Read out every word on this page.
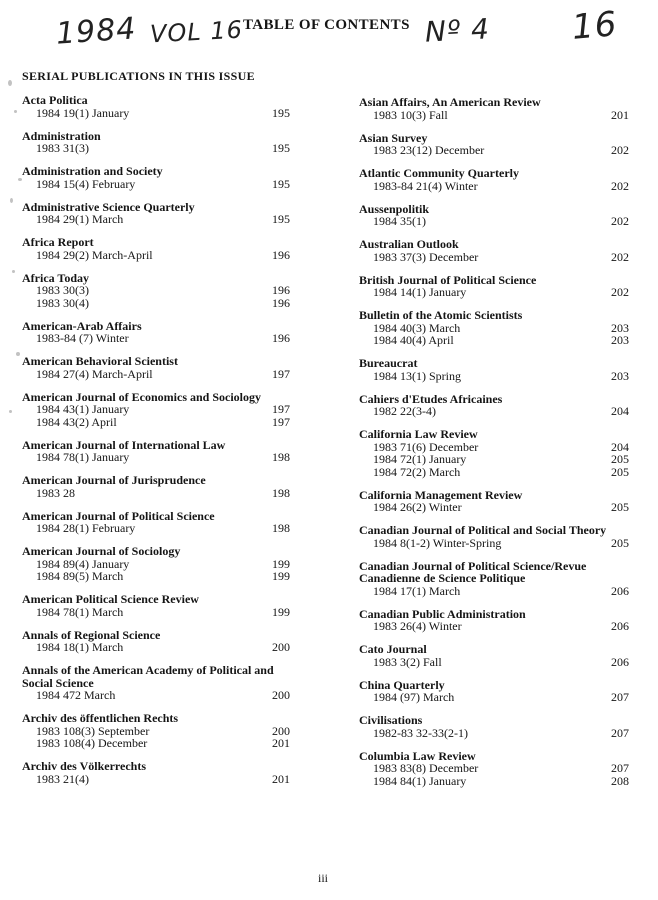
1984 VOL 16 TABLE OF CONTENTS Nº 4 16
SERIAL PUBLICATIONS IN THIS ISSUE
Acta Politica
1984 19(1) January	195
Administration
1983 31(3)	195
Administration and Society
1984 15(4) February	195
Administrative Science Quarterly
1984 29(1) March	195
Africa Report
1984 29(2) March-April	196
Africa Today
1983 30(3)	196
1983 30(4)	196
American-Arab Affairs
1983-84 (7) Winter	196
American Behavioral Scientist
1984 27(4) March-April	197
American Journal of Economics and Sociology
1984 43(1) January	197
1984 43(2) April	197
American Journal of International Law
1984 78(1) January	198
American Journal of Jurisprudence
1983 28	198
American Journal of Political Science
1984 28(1) February	198
American Journal of Sociology
1984 89(4) January	199
1984 89(5) March	199
American Political Science Review
1984 78(1) March	199
Annals of Regional Science
1984 18(1) March	200
Annals of the American Academy of Political and Social Science
1984 472 March	200
Archiv des öffentlichen Rechts
1983 108(3) September	200
1983 108(4) December	201
Archiv des Völkerrechts
1983 21(4)	201
Asian Affairs, An American Review
1983 10(3) Fall	201
Asian Survey
1983 23(12) December	202
Atlantic Community Quarterly
1983-84 21(4) Winter	202
Aussenpolitik
1984 35(1)	202
Australian Outlook
1983 37(3) December	202
British Journal of Political Science
1984 14(1) January	202
Bulletin of the Atomic Scientists
1984 40(3) March	203
1984 40(4) April	203
Bureaucrat
1984 13(1) Spring	203
Cahiers d'Etudes Africaines
1982 22(3-4)	204
California Law Review
1983 71(6) December	204
1984 72(1) January	205
1984 72(2) March	205
California Management Review
1984 26(2) Winter	205
Canadian Journal of Political and Social Theory
1984 8(1-2) Winter-Spring	205
Canadian Journal of Political Science/Revue Canadienne de Science Politique
1984 17(1) March	206
Canadian Public Administration
1983 26(4) Winter	206
Cato Journal
1983 3(2) Fall	206
China Quarterly
1984 (97) March	207
Civilisations
1982-83 32-33(2-1)	207
Columbia Law Review
1983 83(8) December	207
1984 84(1) January	208
iii
